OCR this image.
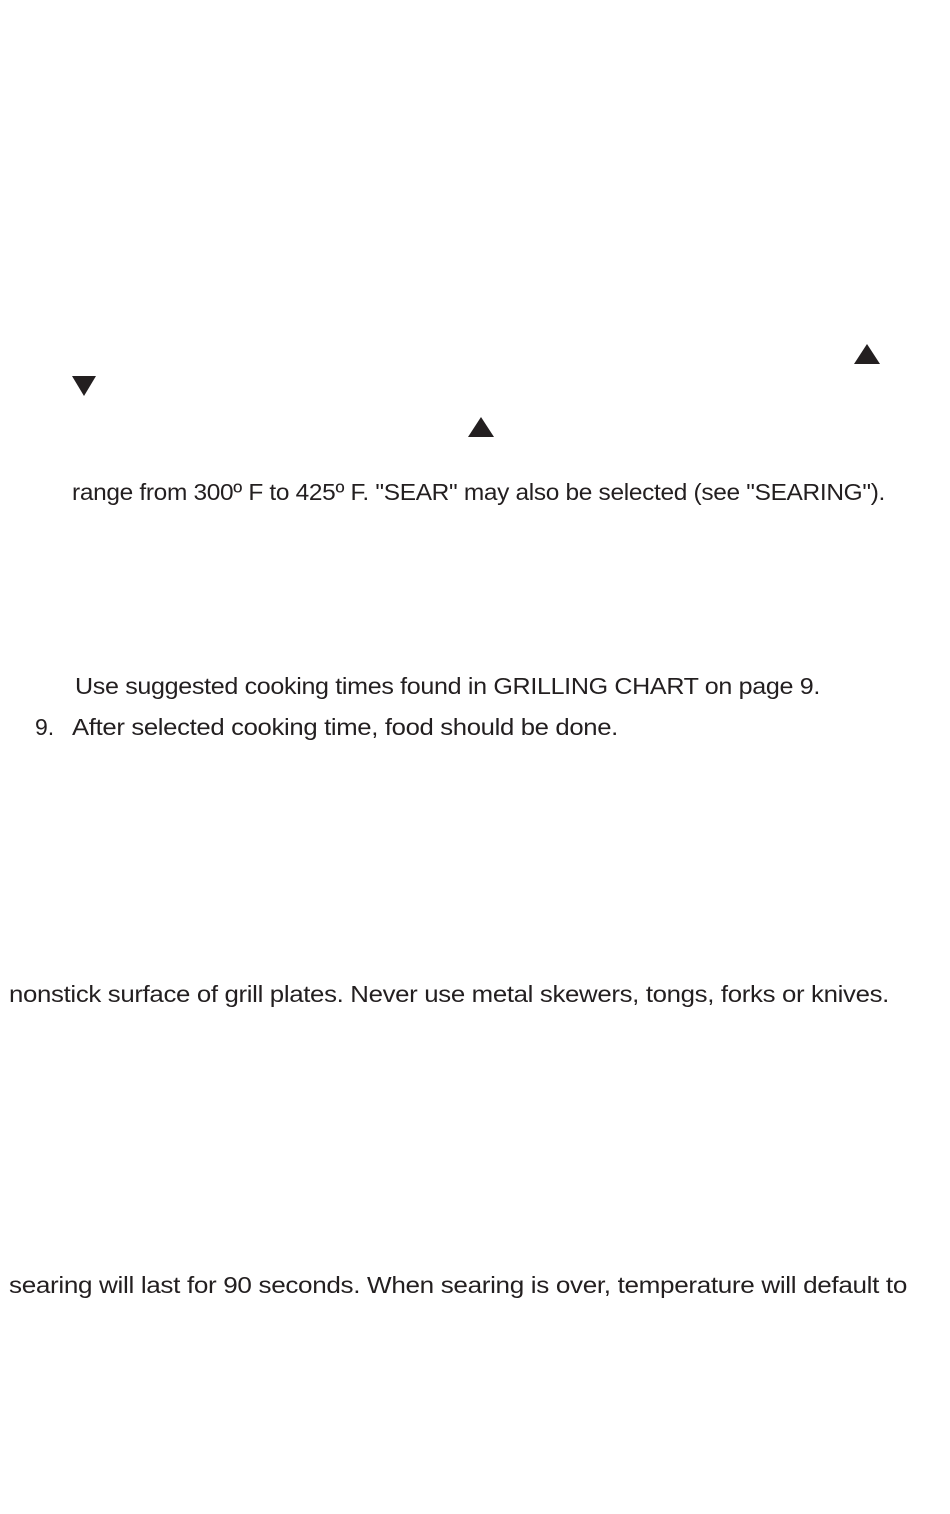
range from 300º F to 425º F. "SEAR" may also be selected (see "SEARING").
Use suggested cooking times found in GRILLING CHART on page 9.
9. After selected cooking time, food should be done.
nonstick surface of grill plates. Never use metal skewers, tongs, forks or knives.
searing will last for 90 seconds. When searing is over, temperature will default to
